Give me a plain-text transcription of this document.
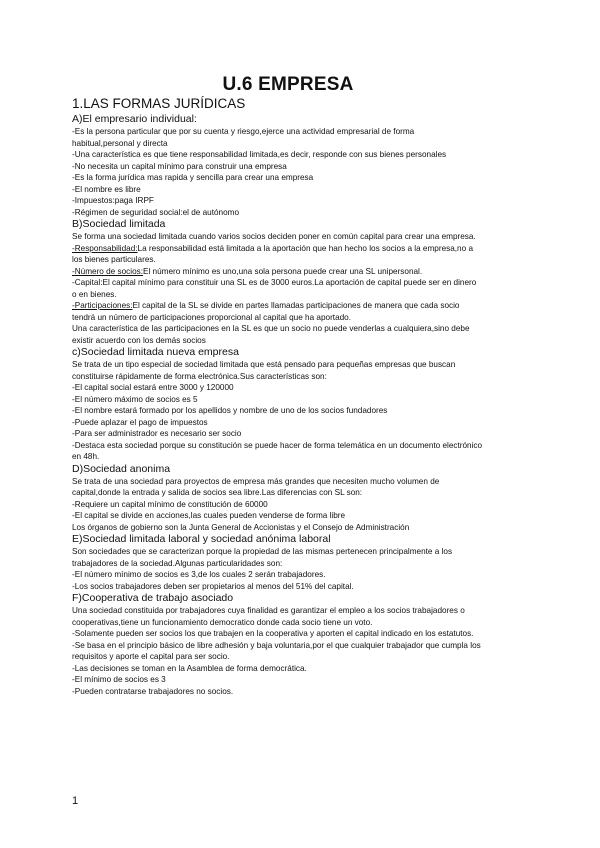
U.6 EMPRESA
1.LAS FORMAS JURÍDICAS
A)El empresario individual:
-Es la persona particular que por su cuenta y riesgo,ejerce una actividad empresarial de forma
habitual,personal y directa
-Una característica es que tiene responsabilidad limitada,es decir, responde con sus bienes personales
-No necesita un capital mínimo para construir una empresa
-Es la forma jurídica mas rapida y sencilla para crear una empresa
-El nombre es libre
-Impuestos:paga IRPF
-Régimen de seguridad social:el de autónomo
B)Sociedad limitada
Se forma una sociedad limitada cuando varios socios deciden poner en común capital para crear una empresa.
-Responsabilidad:La responsabilidad está limitada a la aportación que han hecho los socios a la empresa,no a
los bienes particulares.
-Número de socios:El número mínimo es uno,una sola persona puede crear una SL unipersonal.
-Capital:El capital mínimo para constituir una SL es de 3000 euros.La aportación de capital puede ser en dinero
o en bienes.
-Participaciones:El capital de la SL se divide en partes llamadas participaciones de manera que cada socio
tendrá un número de participaciones proporcional al capital que ha aportado.
Una característica de las participaciones en la SL es que un socio no puede venderlas a cualquiera,sino debe
existir acuerdo con los demás socios
c)Sociedad limitada nueva empresa
Se trata de un tipo especial de sociedad limitada que está pensado para pequeñas empresas que buscan
constituirse rápidamente de forma electrónica.Sus características son:
-El capital social estará entre 3000 y 120000
-El número máximo de socios es 5
-El nombre estará formado por los apellidos y nombre de uno de los socios fundadores
-Puede aplazar el pago de impuestos
-Para ser administrador es necesario ser socio
-Destaca esta sociedad porque su constitución se puede hacer de forma telemática en un documento electrónico
en 48h.
D)Sociedad anonima
Se trata de una sociedad para proyectos de empresa más grandes que necesiten mucho volumen de
capital,donde la entrada y salida de socios sea libre.Las diferencias con SL son:
-Requiere un capital mínimo de constitución de 60000
-El capital se divide en acciones,las cuales pueden venderse de forma libre
Los órganos de gobierno son la Junta General de Accionistas y el Consejo de Administración
E)Sociedad limitada laboral y sociedad anónima laboral
Son sociedades que se caracterizan porque la propiedad de las mismas pertenecen principalmente a los
trabajadores de la sociedad.Algunas particularidades son:
-El número mínimo de socios es 3,de los cuales 2 serán trabajadores.
-Los socios trabajadores deben ser propietarios al menos del 51% del capital.
F)Cooperativa de trabajo asociado
Una sociedad constituida por trabajadores cuya finalidad es garantizar el empleo a los socios trabajadores o
cooperativas,tiene un funcionamiento democratico donde cada socio tiene un voto.
-Solamente pueden ser socios los que trabajen en la cooperativa y aporten el capital indicado en los estatutos.
-Se basa en el principio básico de libre adhesión y baja voluntaria,por el que cualquier trabajador que cumpla los
requisitos y aporte el capital para ser socio.
-Las decisiones se toman en la Asamblea de forma democrática.
-El mínimo de socios es 3
-Pueden contratarse trabajadores no socios.
1
